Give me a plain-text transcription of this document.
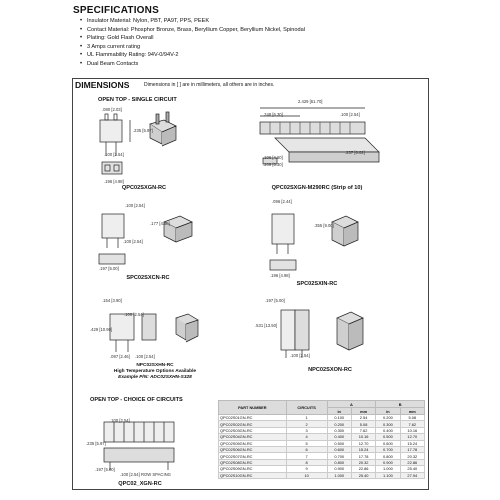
SPECIFICATIONS
• Insulator Material: Nylon, PBT, PA9T, PPS, PEEK
• Contact Material: Phosphor Bronze, Brass, Beryllium Copper, Beryllium Nickel, Spinodal
• Plating: Gold Flash Overall
• 3 Amps current rating
• UL Flammability Rating: 94V-0/94V-2
• Dual Beam Contacts
DIMENSIONS	Dimensions in [ ] are in millimeters, all others are in inches.
OPEN TOP - SINGLE CIRCUIT
.080 [2.03]
.235 [5.97]
.100 [2.54]
.196 [4.98]
QPC02SXGN-RC
2.429 [61.70]
.248 [6.30]	.100 [2.54]
.237 [6.02]
.106 [4.60]
.209 [5.30]
QPC02SXGN-M290RC (Strip of 10)
.100 [2.54]
.177 [4.50]
.100 [2.54]
.197 [5.00]
SPC02SXCN-RC
.096 [2.44]
.355 [9.00]
.196 [4.98]
SPC02SXIN-RC
.154 [3.90]
.429 [10.90]
.100 [2.54]
.100 [2.54]
.097 [2.46]
NPC02SXHN-RC
High Temperature Options Available
Example P/N: ADC02SXHN-S328
.197 [5.00]
.531 [13.50]
.100 [2.54]
NPC02SXON-RC
OPEN TOP - CHOICE OF CIRCUITS
.100 [2.54]
.235 [5.97]
.197 [5.00]
.100 [2.54] ROW SPACING
QPC02_XGN-RC
PART NUMBER	CIRCUITS	A		B	
		in	mm	in	mm
QPC02S01GN-RC	1	0.100	2.54	0.200	5.08
QPC02S02GN-RC	2	0.200	5.08	0.300	7.62
QPC02S03GN-RC	3	0.300	7.62	0.400	10.16
QPC02S04GN-RC	4	0.400	10.16	0.500	12.70
QPC02S05GN-RC	5	0.500	12.70	0.600	15.24
QPC02S06GN-RC	6	0.600	15.24	0.700	17.78
QPC02S07GN-RC	7	0.700	17.78	0.800	20.32
QPC02S08GN-RC	8	0.800	20.32	0.900	22.86
QPC02S09GN-RC	9	0.900	22.86	1.000	25.40
QPC02S10GN-RC	10	1.000	25.40	1.100	27.94
